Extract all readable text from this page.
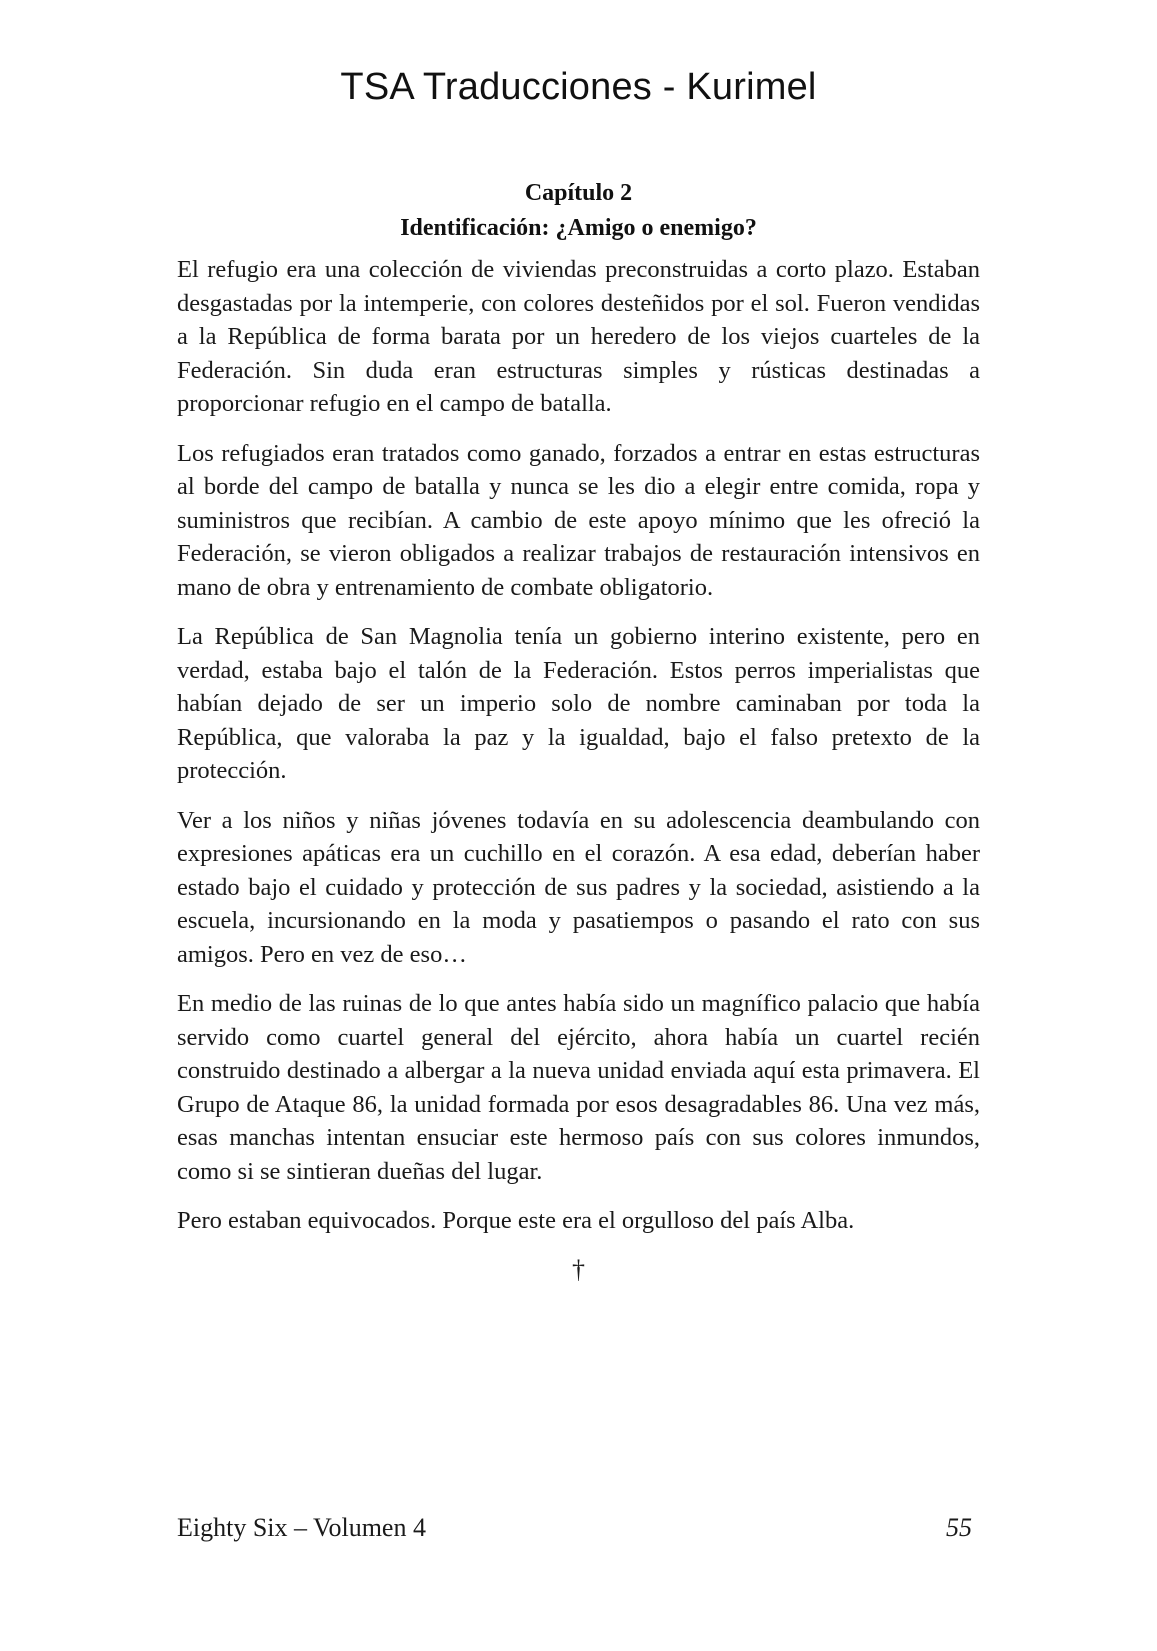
TSA Traducciones - Kurimel
Capítulo 2
Identificación: ¿Amigo o enemigo?

El refugio era una colección de viviendas preconstruidas a corto plazo. Estaban desgastadas por la intemperie, con colores desteñidos por el sol. Fueron vendidas a la República de forma barata por un heredero de los viejos cuarteles de la Federación. Sin duda eran estructuras simples y rústicas destinadas a proporcionar refugio en el campo de batalla.

Los refugiados eran tratados como ganado, forzados a entrar en estas estructuras al borde del campo de batalla y nunca se les dio a elegir entre comida, ropa y suministros que recibían. A cambio de este apoyo mínimo que les ofreció la Federación, se vieron obligados a realizar trabajos de restauración intensivos en mano de obra y entrenamiento de combate obligatorio.

La República de San Magnolia tenía un gobierno interino existente, pero en verdad, estaba bajo el talón de la Federación. Estos perros imperialistas que habían dejado de ser un imperio solo de nombre caminaban por toda la República, que valoraba la paz y la igualdad, bajo el falso pretexto de la protección.

Ver a los niños y niñas jóvenes todavía en su adolescencia deambulando con expresiones apáticas era un cuchillo en el corazón. A esa edad, deberían haber estado bajo el cuidado y protección de sus padres y la sociedad, asistiendo a la escuela, incursionando en la moda y pasatiempos o pasando el rato con sus amigos. Pero en vez de eso…

En medio de las ruinas de lo que antes había sido un magnífico palacio que había servido como cuartel general del ejército, ahora había un cuartel recién construido destinado a albergar a la nueva unidad enviada aquí esta primavera. El Grupo de Ataque 86, la unidad formada por esos desagradables 86. Una vez más, esas manchas intentan ensuciar este hermoso país con sus colores inmundos, como si se sintieran dueñas del lugar.

Pero estaban equivocados. Porque este era el orgulloso del país Alba.

†
Eighty Six – Volumen 4	55
